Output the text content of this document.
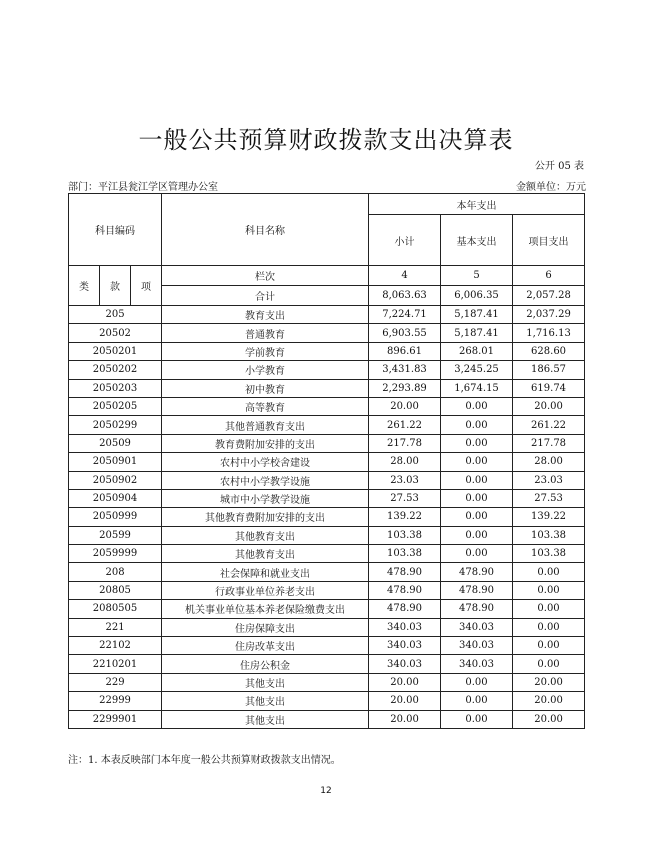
一般公共预算财政拨款支出决算表
公开 05 表
部门：平江县瓮江学区管理办公室	金额单位：万元
科目编码			科目名称	本年支出		
				小计	基本支出	项目支出
类	款	项	栏次	4	5	6
			合计	8,063.63	6,006.35	2,057.28
205			教育支出	7,224.71	5,187.41	2,037.29
20502			普通教育	6,903.55	5,187.41	1,716.13
2050201			学前教育	896.61	268.01	628.60
2050202			小学教育	3,431.83	3,245.25	186.57
2050203			初中教育	2,293.89	1,674.15	619.74
2050205			高等教育	20.00	0.00	20.00
2050299			其他普通教育支出	261.22	0.00	261.22
20509			教育费附加安排的支出	217.78	0.00	217.78
2050901			农村中小学校舍建设	28.00	0.00	28.00
2050902			农村中小学教学设施	23.03	0.00	23.03
2050904			城市中小学教学设施	27.53	0.00	27.53
2050999			其他教育费附加安排的支出	139.22	0.00	139.22
20599			其他教育支出	103.38	0.00	103.38
2059999			其他教育支出	103.38	0.00	103.38
208			社会保障和就业支出	478.90	478.90	0.00
20805			行政事业单位养老支出	478.90	478.90	0.00
2080505			机关事业单位基本养老保险缴费支出	478.90	478.90	0.00
221			住房保障支出	340.03	340.03	0.00
22102			住房改革支出	340.03	340.03	0.00
2210201			住房公积金	340.03	340.03	0.00
229			其他支出	20.00	0.00	20.00
22999			其他支出	20.00	0.00	20.00
2299901			其他支出	20.00	0.00	20.00
注：1. 本表反映部门本年度一般公共预算财政拨款支出情况。
12
